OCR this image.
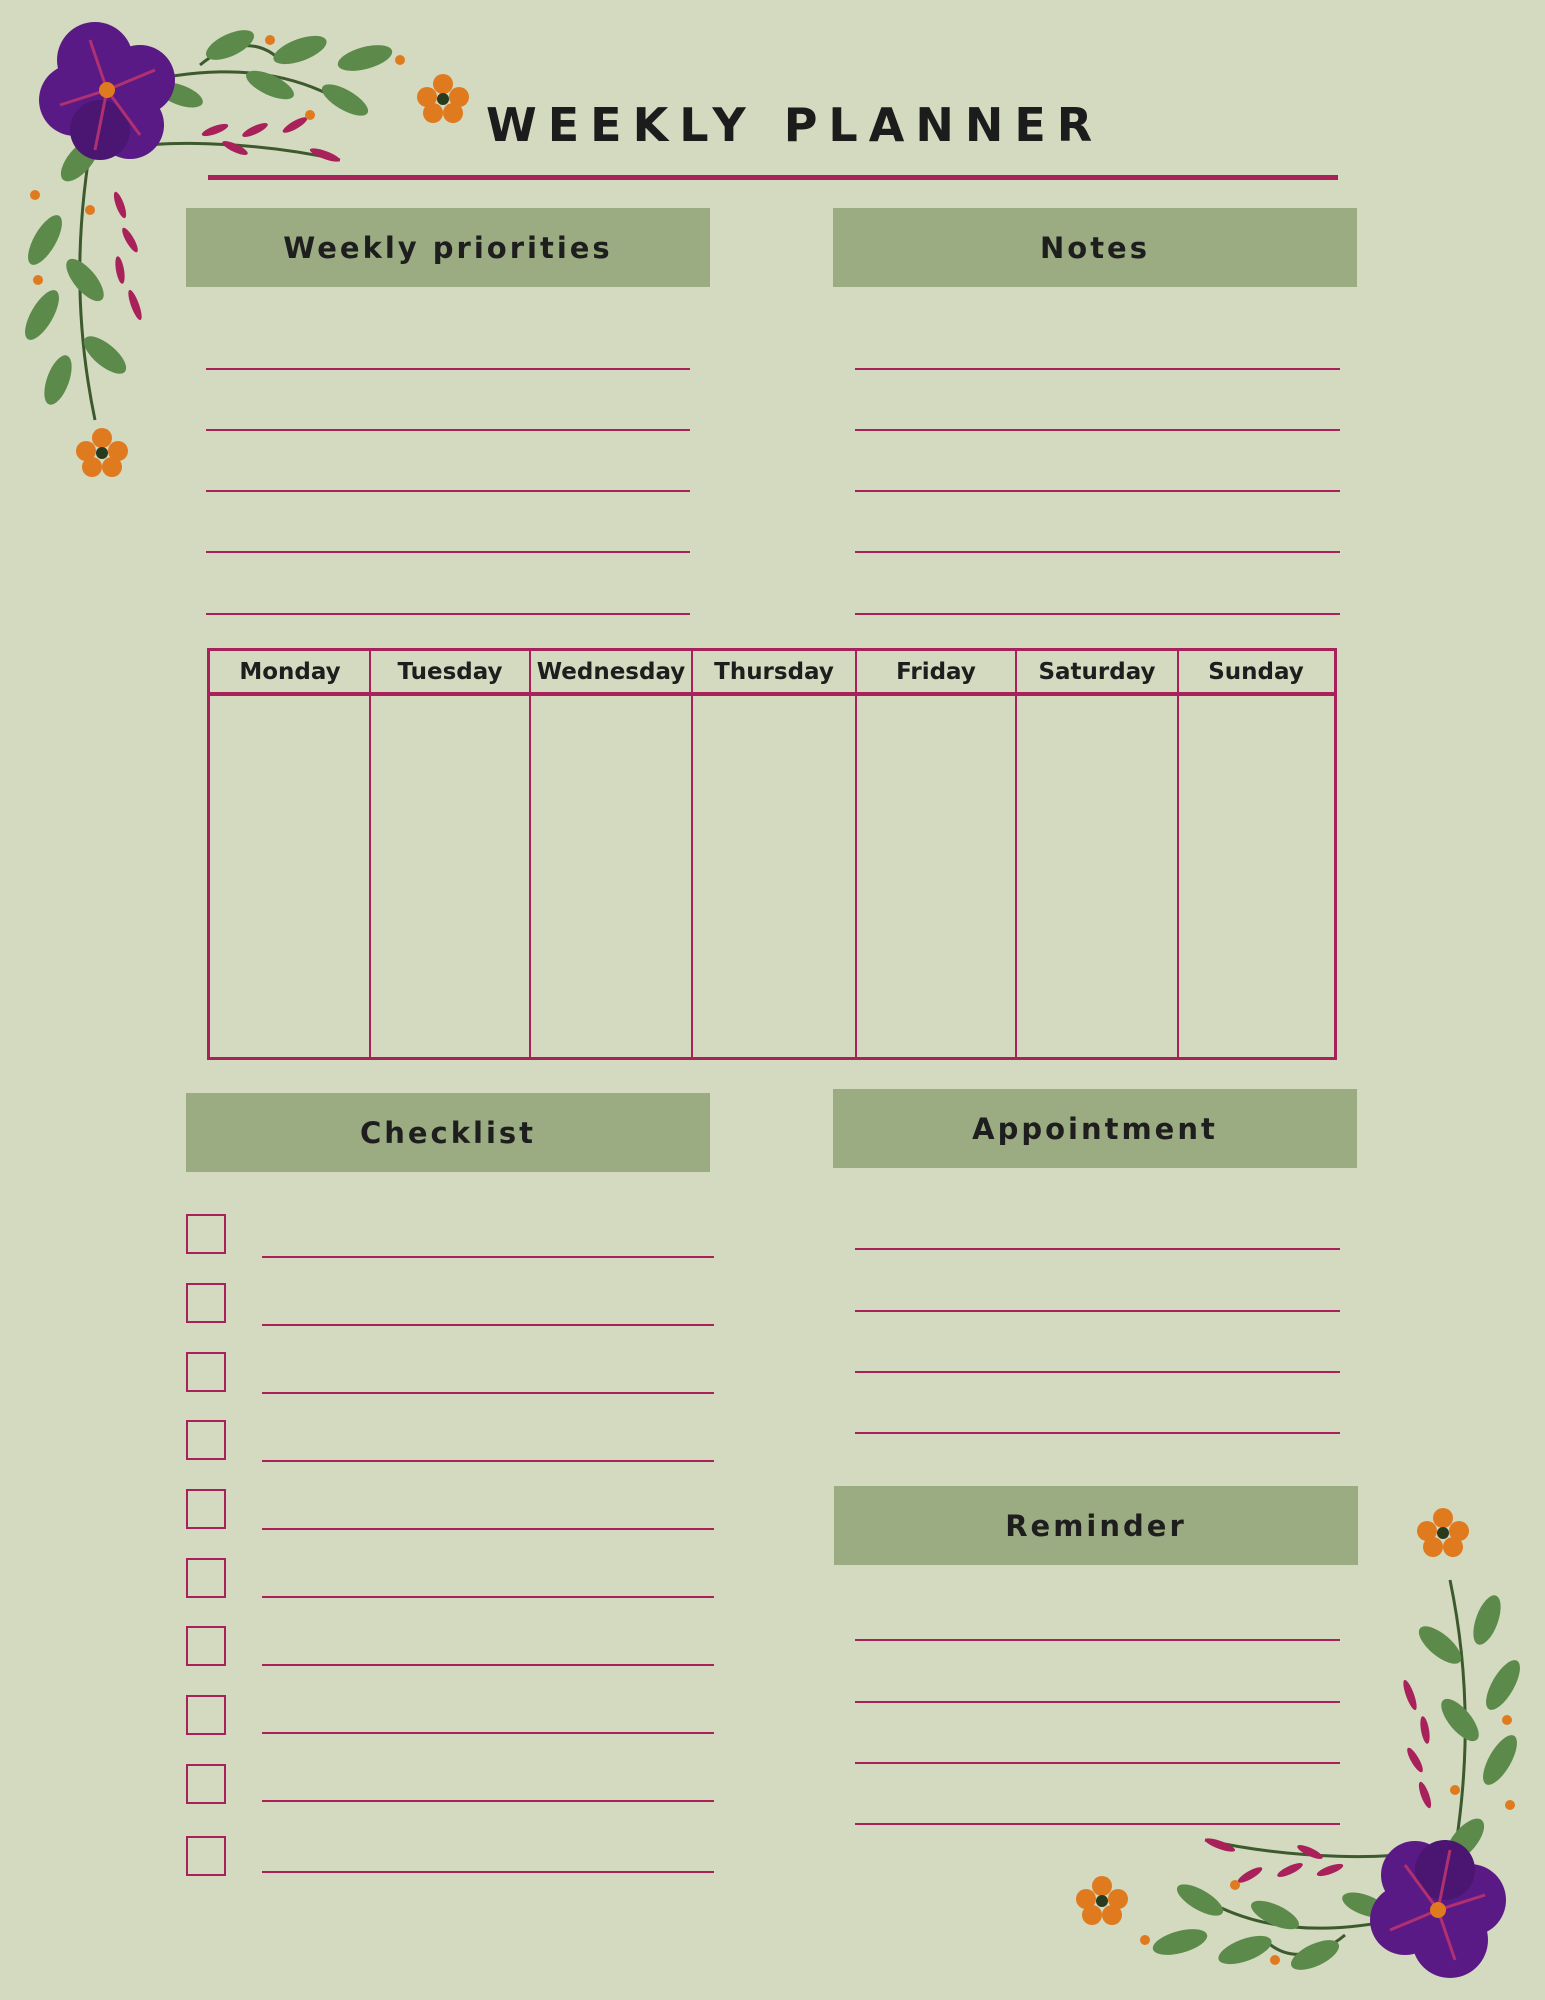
WEEKLY PLANNER
Weekly priorities	Notes
Monday Tuesday Wednesday Thursday	Friday	Saturday Sunday
Checklist	Appointment
Reminder
